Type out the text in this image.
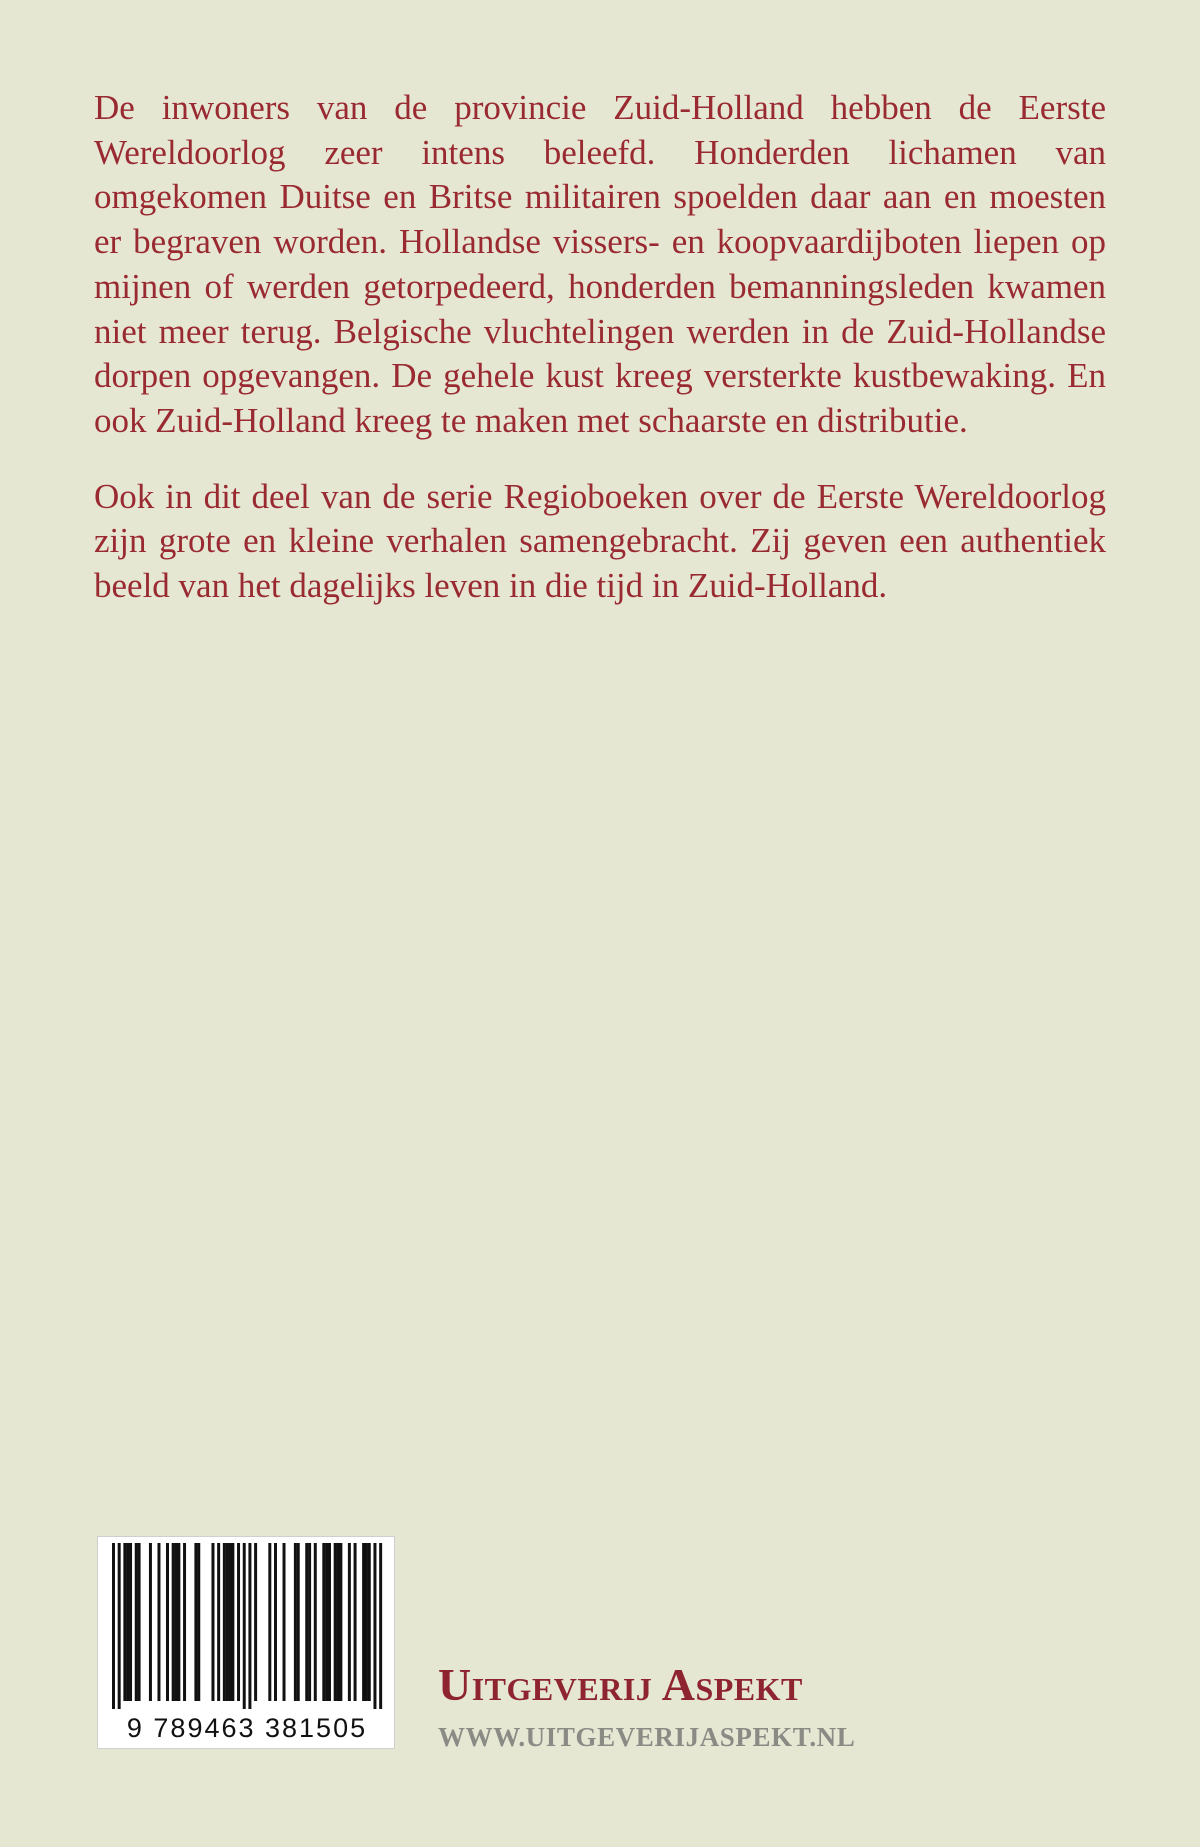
De inwoners van de provincie Zuid-Holland hebben de Eerste Wereldoorlog zeer intens beleefd. Honderden lichamen van omgekomen Duitse en Britse militairen spoelden daar aan en moesten er begraven worden. Hollandse vissers- en koopvaardijboten liepen op mijnen of werden getorpedeerd, honderden bemanningsleden kwamen niet meer terug. Belgische vluchtelingen werden in de Zuid-Hollandse dorpen opgevangen. De gehele kust kreeg versterkte kustbewaking. En ook Zuid-Holland kreeg te maken met schaarste en distributie.

Ook in dit deel van de serie Regioboeken over de Eerste Wereldoorlog zijn grote en kleine verhalen samengebracht. Zij geven een authentiek beeld van het dagelijks leven in die tijd in Zuid-Holland.

9 789463 381505
Uitgeverij Aspekt
WWW.UITGEVERIJASPEKT.NL
